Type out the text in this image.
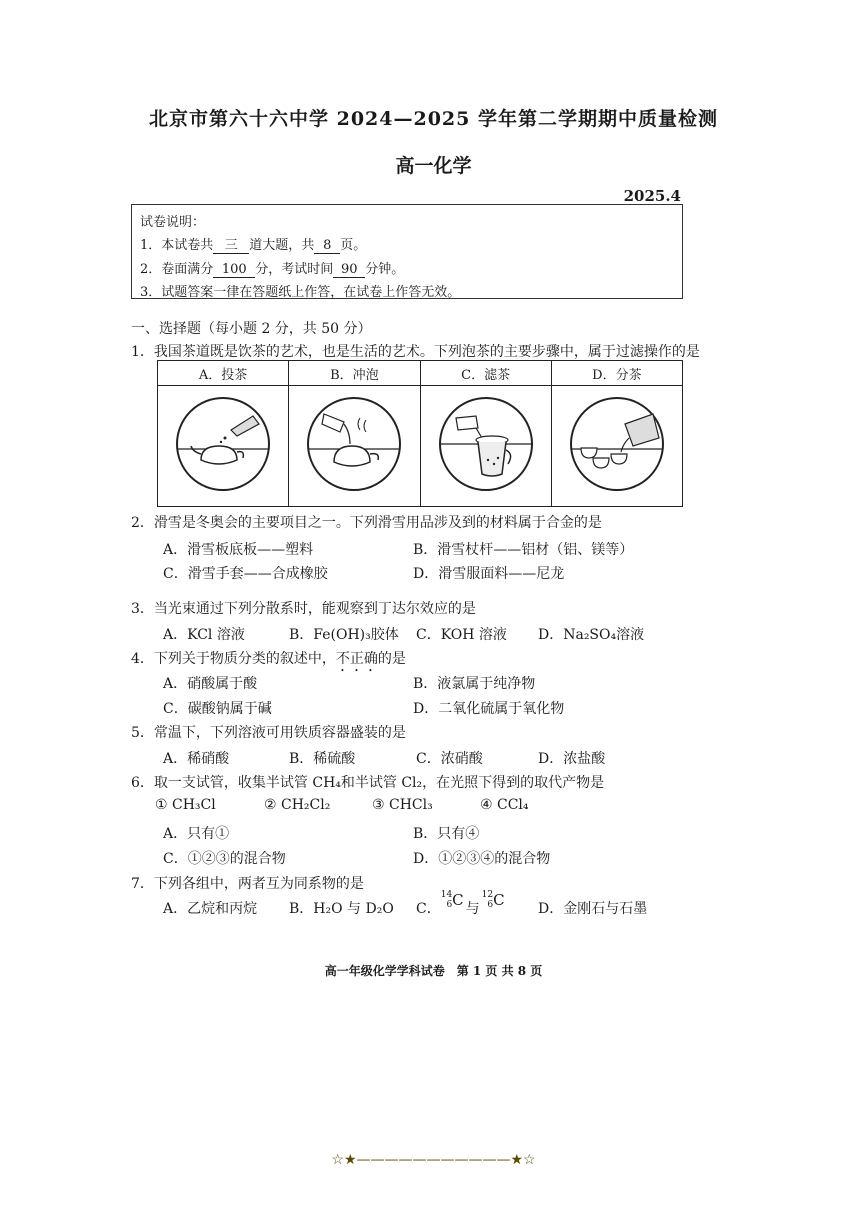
北京市第六十六中学 2024—2025 学年第二学期期中质量检测
高一化学
2025.4
试卷说明：
1．本试卷共 三 道大题，共 8 页。
2．卷面满分 100 分，考试时间 90 分钟。
3．试题答案一律在答题纸上作答，在试卷上作答无效。
一、选择题（每小题 2 分，共 50 分）
1．我国茶道既是饮茶的艺术，也是生活的艺术。下列泡茶的主要步骤中，属于过滤操作的是
A．投茶	B．冲泡	C．滤茶	D．分茶

2．滑雪是冬奥会的主要项目之一。下列滑雪用品涉及到的材料属于合金的是
A．滑雪板底板——塑料	B．滑雪杖杆——铝材（铝、镁等）
C．滑雪手套——合成橡胶	D．滑雪服面料——尼龙
3．当光束通过下列分散系时，能观察到丁达尔效应的是
A．KCl 溶液	B．Fe(OH)₃胶体 C．KOH 溶液 D．Na₂SO₄溶液
4．下列关于物质分类的叙述中，不正确的是
A．硝酸属于酸	B．液氯属于纯净物
C．碳酸钠属于碱	D．二氧化硫属于氧化物
5．常温下，下列溶液可用铁质容器盛装的是
A．稀硝酸	B．稀硫酸	C．浓硝酸	D．浓盐酸
6．取一支试管，收集半试管 CH₄和半试管 Cl₂，在光照下得到的取代产物是
① CH₃Cl	② CH₂Cl₂	③ CHCl₃	④ CCl₄
A．只有①	B．只有④
C．①②③的混合物	D．①②③④的混合物
7．下列各组中，两者互为同系物的是
A．乙烷和丙烷 B．H₂O 与 D₂O C．
14
6 C 与
12
6 C D．金刚石与石墨
高一年级化学学科试卷　第 1 页 共 8 页
☆★———————————★☆
